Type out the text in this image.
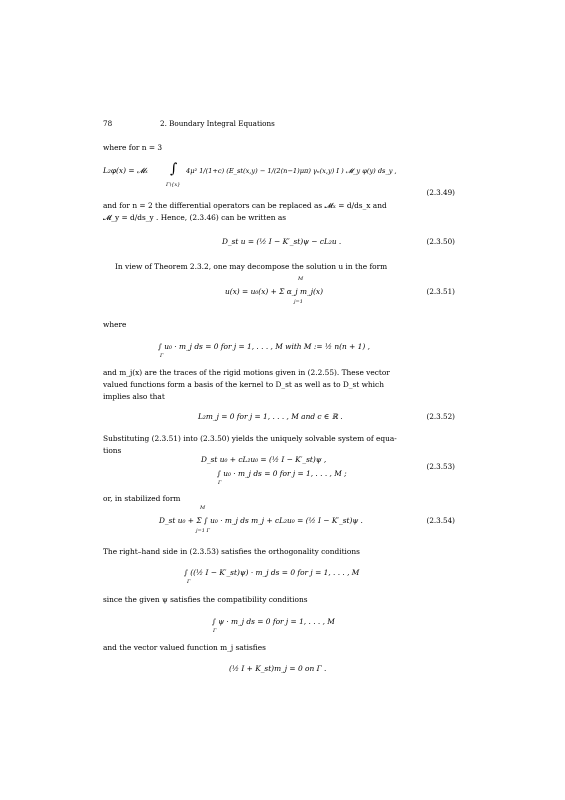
78	2. Boundary Integral Equations
where for n = 3
L₂φ(x) = 𝓜ₓ ∫
Γ\{x}
4μ² 1/(1+c) (E_st(x,y) − 1/(2(n−1)μπ) γₙ(x,y) I ) 𝓜_y φ(y) ds_y ,
(2.3.49)
and for n = 2 the differential operators can be replaced as 𝓜ₓ = d/ds_x and
𝓜_y = d/ds_y . Hence, (2.3.46) can be written as
D_st u = (½ I − K′_st)ψ − cL₂u .	(2.3.50)
In view of Theorem 2.3.2, one may decompose the solution u in the form
M
u(x) = u₀(x) + Σ α_j m_j(x)
j=1
(2.3.51)
where
∫ u₀ · m_j ds = 0 for j = 1, . . . , M with M := ½ n(n + 1) ,
Γ
and m_j(x) are the traces of the rigid motions given in (2.2.55). These vector
valued functions form a basis of the kernel to D_st as well as to D_st which
implies also that
L₂m_j = 0 for j = 1, . . . , M and c ∈ ℝ .	(2.3.52)
Substituting (2.3.51) into (2.3.50) yields the uniquely solvable system of equa-
tions
D_st u₀ + cL₂u₀ = (½ I − K′_st)ψ ,
∫ u₀ · m_j ds = 0 for j = 1, . . . , M ;
Γ
(2.3.53)
or, in stabilized form
M
D_st u₀ + Σ ∫ u₀ · m_j ds m_j + cL₂u₀ = (½ I − K′_st)ψ .
j=1 Γ
(2.3.54)
The right–hand side in (2.3.53) satisfies the orthogonality conditions
∫ ((½ I − K′_st)ψ) · m_j ds = 0 for j = 1, . . . , M
Γ
since the given ψ satisfies the compatibility conditions
∫ ψ · m_j ds = 0 for j = 1, . . . , M
Γ
and the vector valued function m_j satisfies
(½ I + K_st)m_j = 0 on Γ .
